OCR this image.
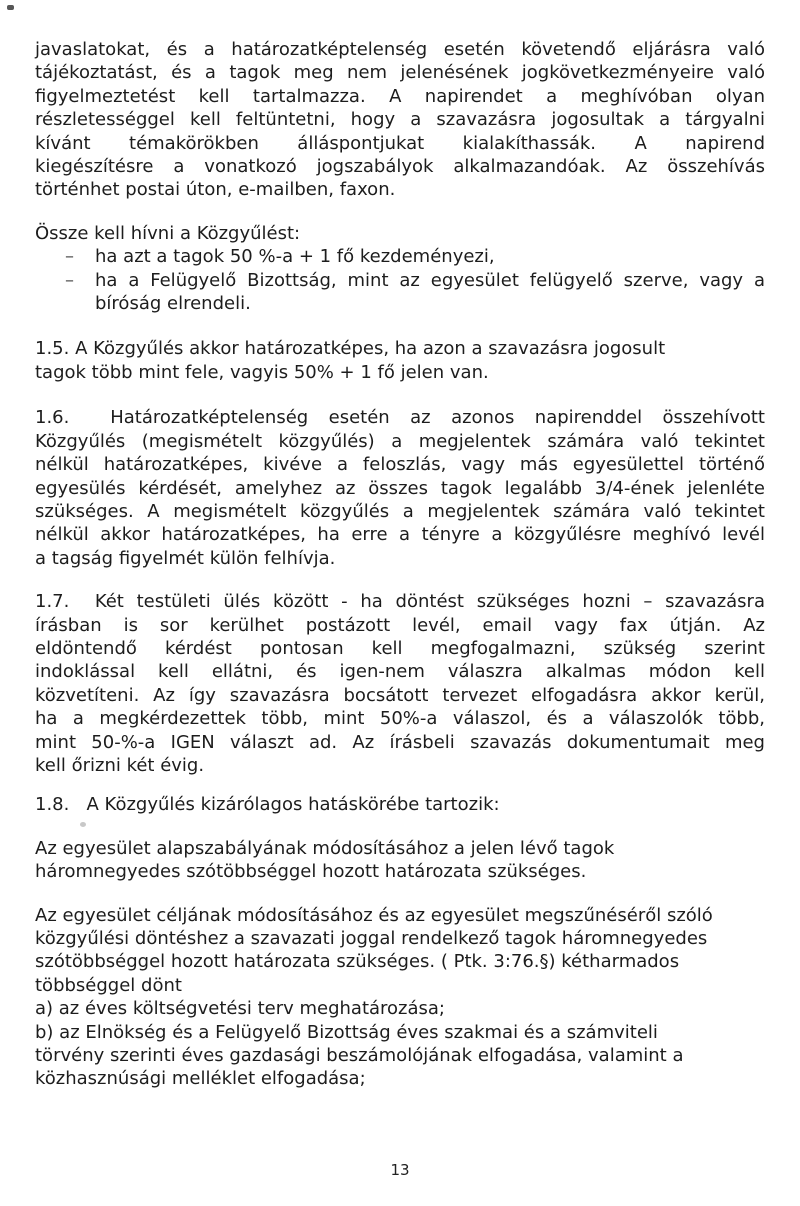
javaslatokat, és a határozatképtelenség esetén követendő eljárásra való
tájékoztatást, és a tagok meg nem jelenésének jogkövetkezményeire való
figyelmeztetést kell tartalmazza. A napirendet a meghívóban olyan
részletességgel kell feltüntetni, hogy a szavazásra jogosultak a tárgyalni
kívánt témakörökben álláspontjukat kialakíthassák. A napirend
kiegészítésre a vonatkozó jogszabályok alkalmazandóak. Az összehívás
történhet postai úton, e-mailben, faxon.
Össze kell hívni a Közgyűlést:
– ha azt a tagok 50 %-a + 1 fő kezdeményezi,
– ha a Felügyelő Bizottság, mint az egyesület felügyelő szerve, vagy a
bíróság elrendeli.
1.5. A Közgyűlés akkor határozatképes, ha azon a szavazásra jogosult
tagok több mint fele, vagyis 50% + 1 fő jelen van.
1.6.  Határozatképtelenség esetén az azonos napirenddel összehívott
Közgyűlés (megismételt közgyűlés) a megjelentek számára való tekintet
nélkül határozatképes, kivéve a feloszlás, vagy más egyesülettel történő
egyesülés kérdését, amelyhez az összes tagok legalább 3/4-ének jelenléte
szükséges. A megismételt közgyűlés a megjelentek számára való tekintet
nélkül akkor határozatképes, ha erre a tényre a közgyűlésre meghívó levél
a tagság figyelmét külön felhívja.
1.7.  Két testületi ülés között - ha döntést szükséges hozni – szavazásra
írásban is sor kerülhet postázott levél, email vagy fax útján. Az
eldöntendő kérdést pontosan kell megfogalmazni, szükség szerint
indoklással kell ellátni, és igen-nem válaszra alkalmas módon kell
közvetíteni. Az így szavazásra bocsátott tervezet elfogadásra akkor kerül,
ha a megkérdezettek több, mint 50%-a válaszol, és a válaszolók több,
mint 50-%-a IGEN választ ad. Az írásbeli szavazás dokumentumait meg
kell őrizni két évig.
1.8.   A Közgyűlés kizárólagos hatáskörébe tartozik:
Az egyesület alapszabályának módosításához a jelen lévő tagok
háromnegyedes szótöbbséggel hozott határozata szükséges.
Az egyesület céljának módosításához és az egyesület megszűnéséről szóló
közgyűlési döntéshez a szavazati joggal rendelkező tagok háromnegyedes
szótöbbséggel hozott határozata szükséges. ( Ptk. 3:76.§) kétharmados
többséggel dönt
a) az éves költségvetési terv meghatározása;
b) az Elnökség és a Felügyelő Bizottság éves szakmai és a számviteli
törvény szerinti éves gazdasági beszámolójának elfogadása, valamint a
közhasznúsági melléklet elfogadása;
13
